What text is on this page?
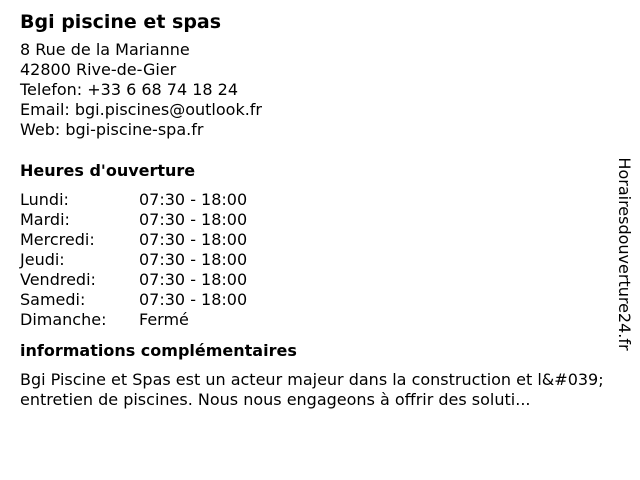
Bgi piscine et spas
8 Rue de la Marianne
42800 Rive-de-Gier
Telefon: +33 6 68 74 18 24
Email: bgi.piscines@outlook.fr
Web: bgi-piscine-spa.fr
Heures d'ouverture
Lundi:	07:30 - 18:00
Mardi:	07:30 - 18:00
Mercredi:	07:30 - 18:00
Jeudi:	07:30 - 18:00
Vendredi:	07:30 - 18:00
Samedi:	07:30 - 18:00
Dimanche:	Fermé
informations complémentaires
Bgi Piscine et Spas est un acteur majeur dans la construction et l&#039;entretien de piscines. Nous nous engageons à offrir des soluti...
Horairesdouverture24.fr
